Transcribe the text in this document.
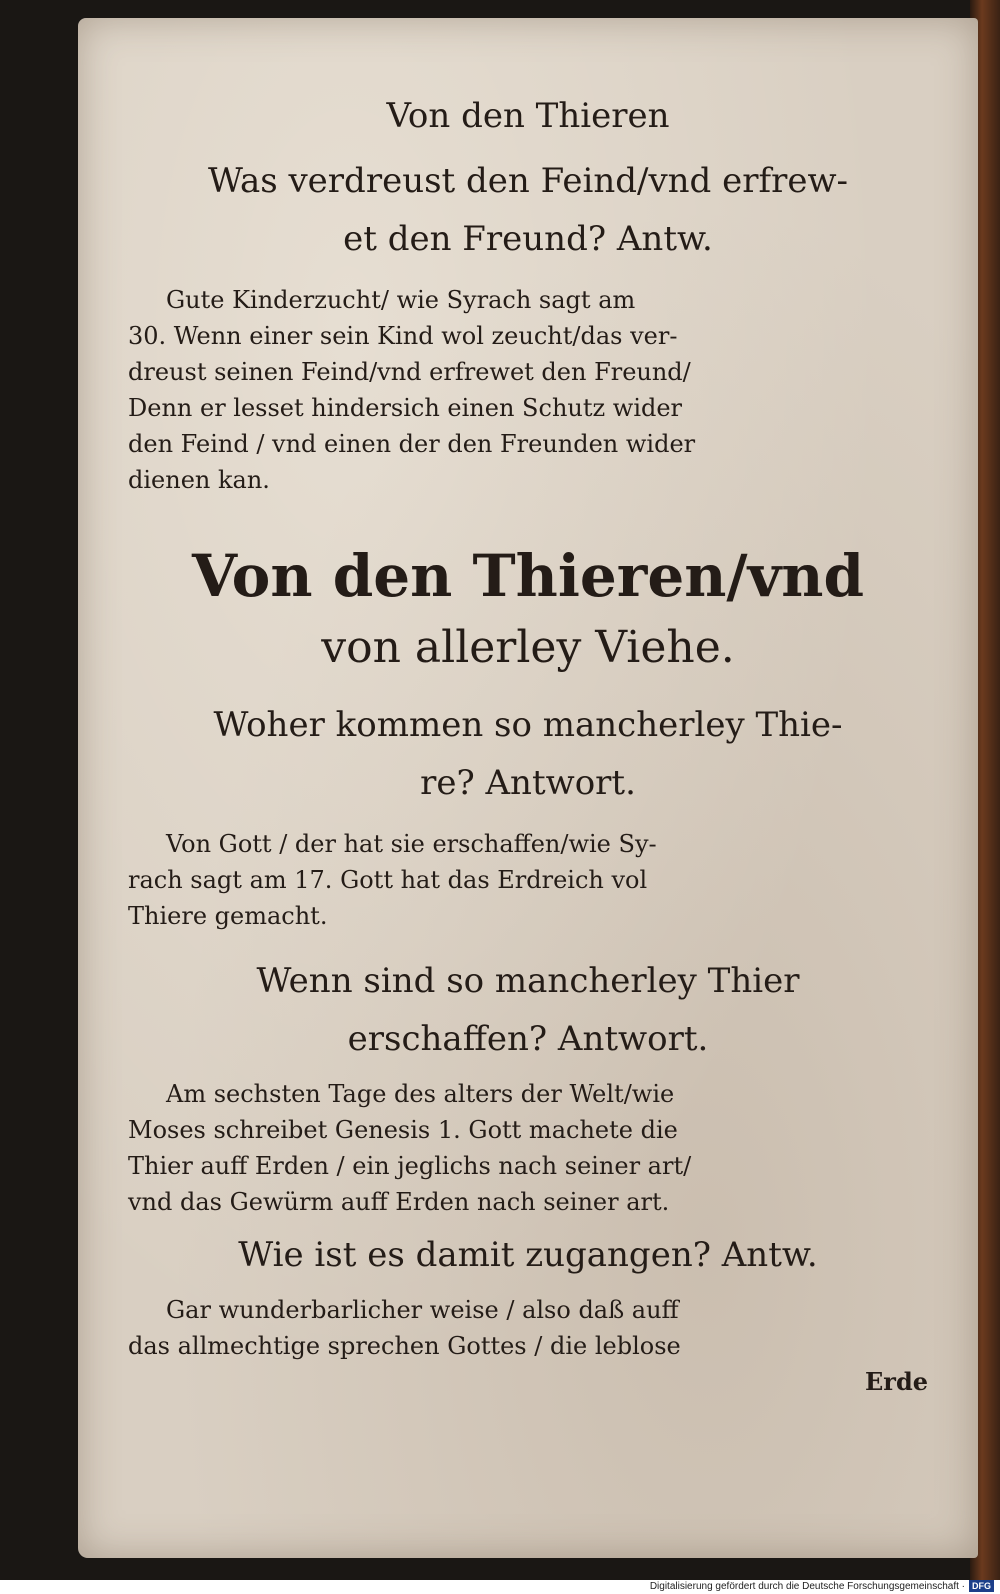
Von den Thieren
Was verdreust den Feind/vnd erfrew-
et den Freund? Antw.

Gute Kinderzucht/ wie Syrach sagt am
30. Wenn einer sein Kind wol zeucht/das ver-
dreust seinen Feind/vnd erfrewet den Freund/
Denn er lesset hindersich einen Schutz wider
den Feind / vnd einen der den Freunden wider
dienen kan.

Von den Thieren/vnd
von allerley Viehe.
Woher kommen so mancherley Thie-
re? Antwort.

Von Gott / der hat sie erschaffen/wie Sy-
rach sagt am 17. Gott hat das Erdreich vol
Thiere gemacht.

Wenn sind so mancherley Thier
erschaffen? Antwort.

Am sechsten Tage des alters der Welt/wie
Moses schreibet Genesis 1. Gott machete die
Thier auff Erden / ein jeglichs nach seiner art/
vnd das Gewürm auff Erden nach seiner art.

Wie ist es damit zugangen? Antw.

Gar wunderbarlicher weise / also daß auff
das allmechtige sprechen Gottes / die leblose
Erde

Digitalisierung gefördert durch die Deutsche Forschungsgemeinschaft · DFG
